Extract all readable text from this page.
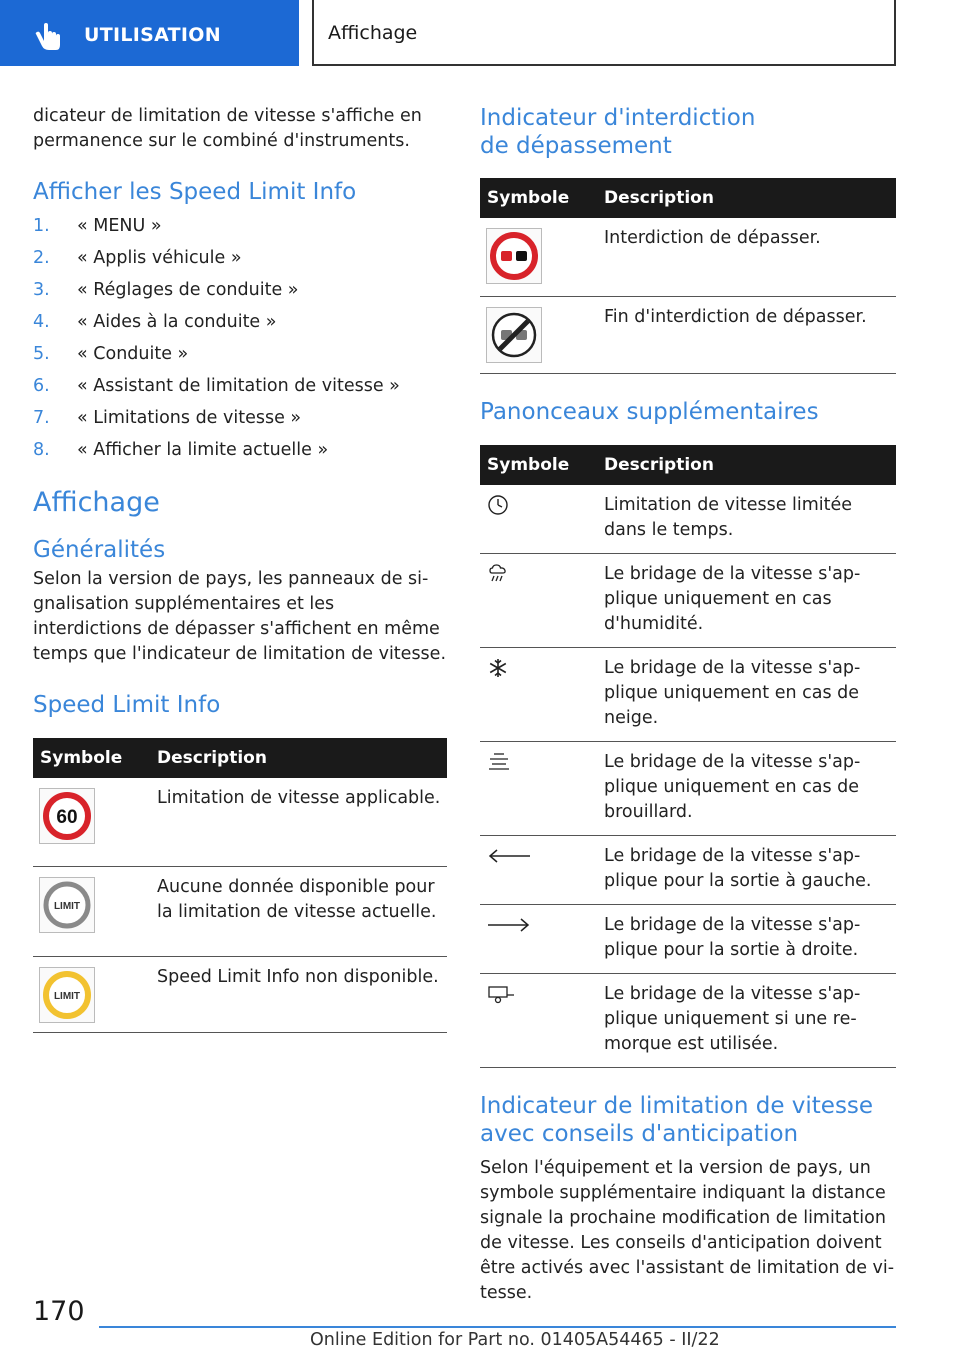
UTILISATION	Affichage

dicateur de limitation de vitesse s'affiche en permanence sur le combiné d'instruments.

Afficher les Speed Limit Info
1.	« MENU »
2.	« Applis véhicule »
3.	« Réglages de conduite »
4.	« Aides à la conduite »
5.	« Conduite »
6.	« Assistant de limitation de vitesse »
7.	« Limitations de vitesse »
8.	« Afficher la limite actuelle »
Affichage
Généralités

Selon la version de pays, les panneaux de signalisation supplémentaires et les interdictions de dépasser s'affichent en même temps que l'indicateur de limitation de vitesse.

Speed Limit Info
Symbole	Description

60	Limitation de vitesse applicable.

LIMIT	Aucune donnée disponible pour la limitation de vitesse actuelle.

LIMIT	Speed Limit Info non disponible.
Indicateur d'interdiction de dépassement
Symbole	Description

	Interdiction de dépasser.

	Fin d'interdiction de dépasser.
Panonceaux supplémentaires
Symbole	Description
	Limitation de vitesse limitée dans le temps.
	Le bridage de la vitesse s'applique uniquement en cas d'humidité.
	Le bridage de la vitesse s'applique uniquement en cas de neige.
	Le bridage de la vitesse s'applique uniquement en cas de brouillard.
	Le bridage de la vitesse s'applique pour la sortie à gauche.
	Le bridage de la vitesse s'applique pour la sortie à droite.
	Le bridage de la vitesse s'applique uniquement si une remorque est utilisée.
Indicateur de limitation de vitesse avec conseils d'anticipation

Selon l'équipement et la version de pays, un symbole supplémentaire indiquant la distance signale la prochaine modification de limitation de vitesse. Les conseils d'anticipation doivent être activés avec l'assistant de limitation de vitesse.

170
Online Edition for Part no. 01405A54465 - II/22
